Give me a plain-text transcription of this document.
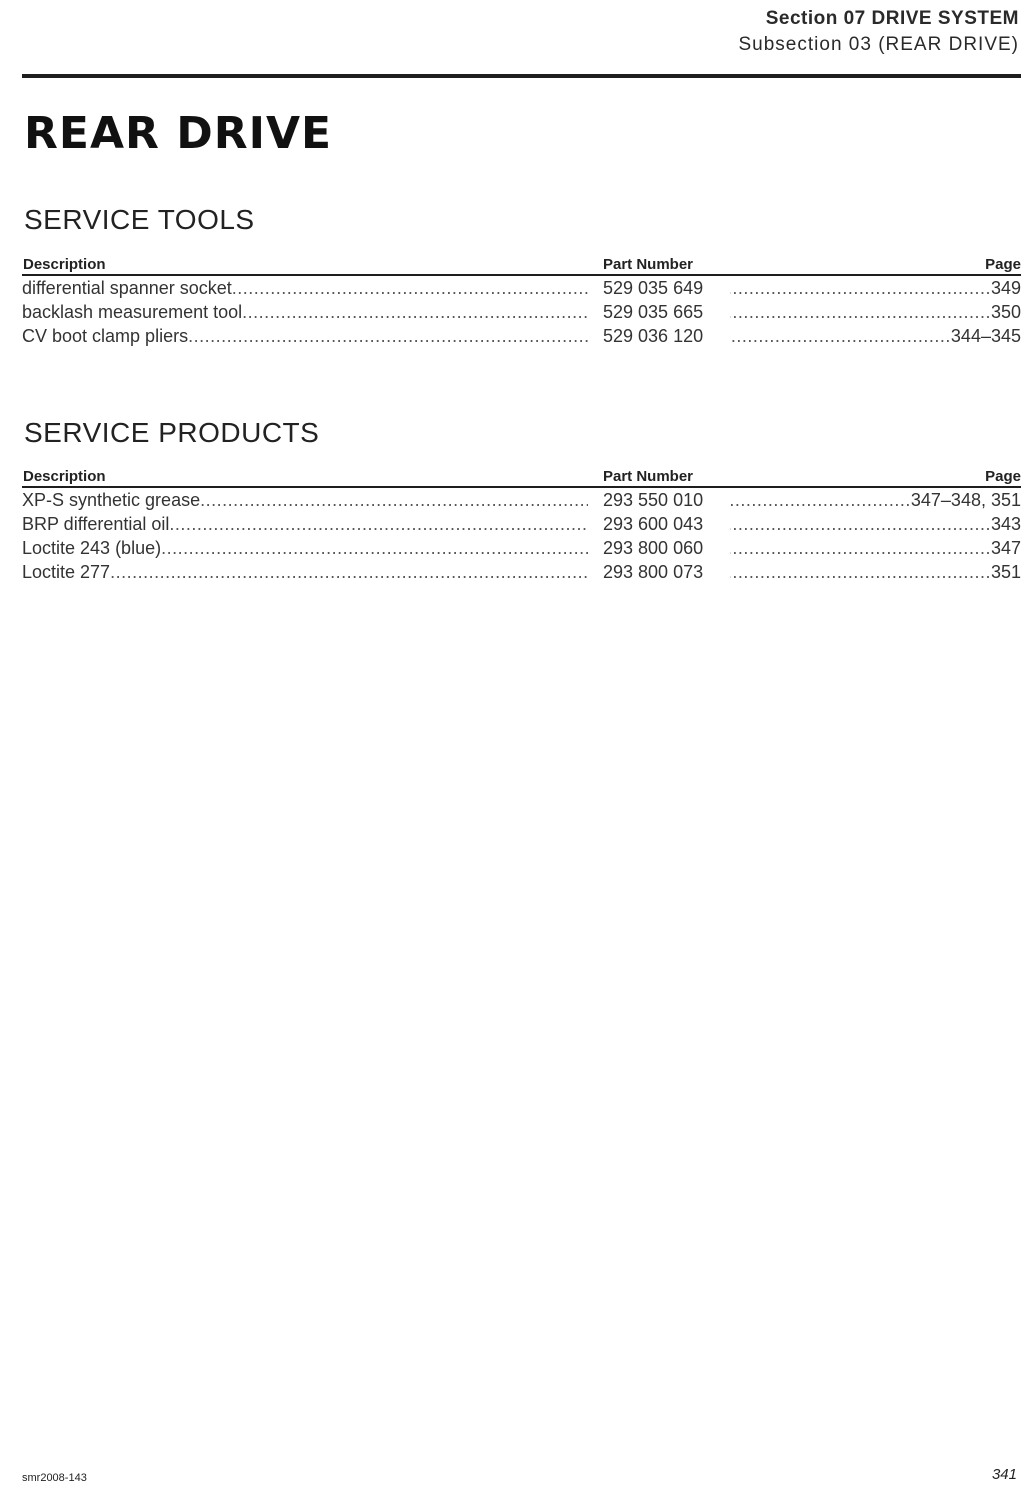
Section 07 DRIVE SYSTEM
Subsection 03 (REAR DRIVE)
REAR DRIVE
SERVICE TOOLS
Description	Part Number	Page
differential spanner socket .....	529 035 649 .....	349
backlash measurement tool .....	529 035 665 .....	350
CV boot clamp pliers .....	529 036 120 .....	344–345
SERVICE PRODUCTS
Description	Part Number	Page
XP-S synthetic grease .....	293 550 010 .....	347–348, 351
BRP differential oil .....	293 600 043 .....	343
Loctite 243 (blue) .....	293 800 060 .....	347
Loctite 277 .....	293 800 073 .....	351
smr2008-143	341
